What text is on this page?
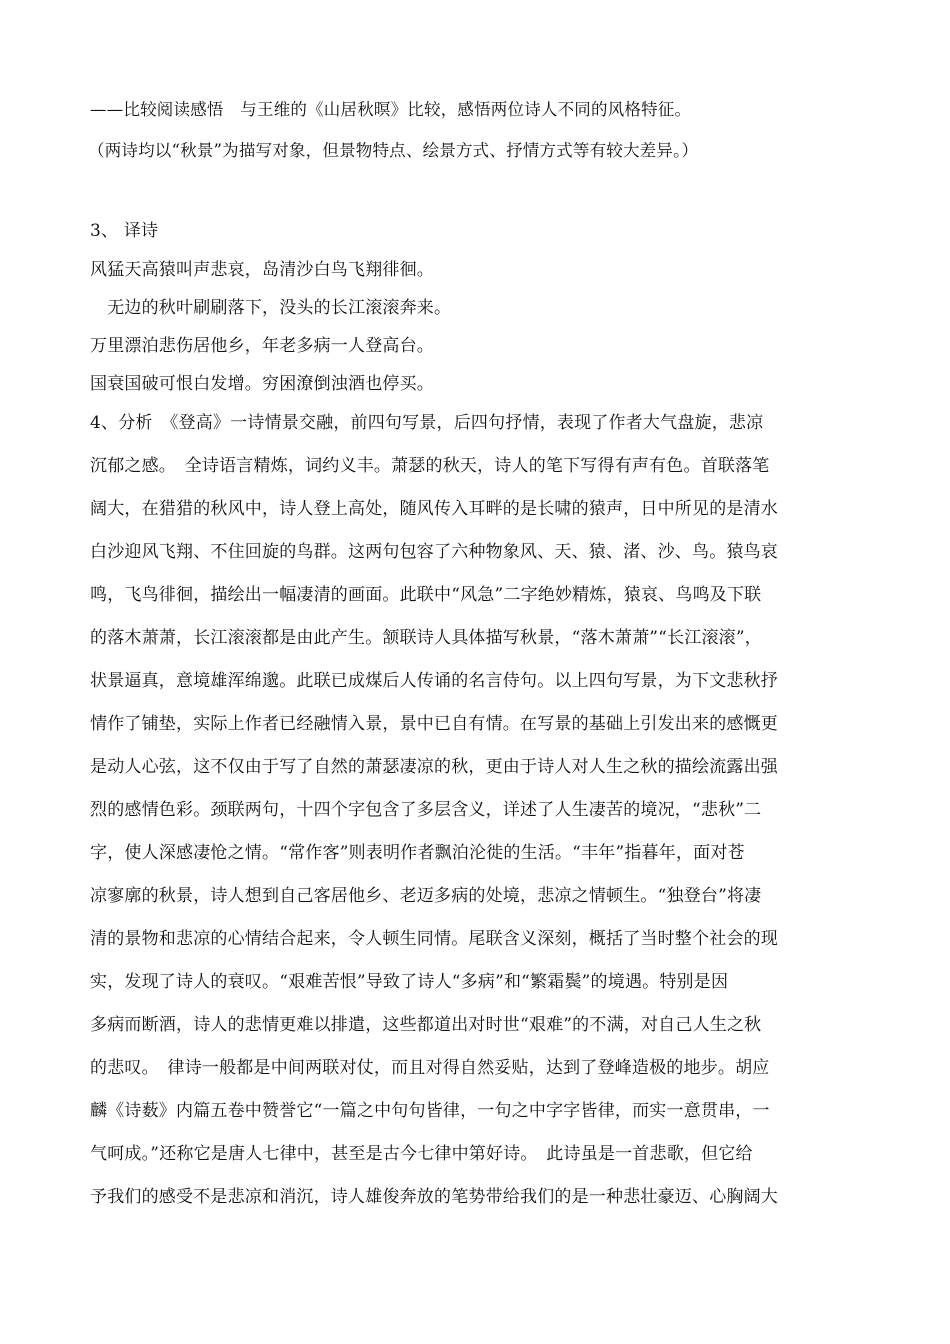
——比较阅读感悟　与王维的《山居秋暝》比较，感悟两位诗人不同的风格特征。
（两诗均以“秋景”为描写对象，但景物特点、绘景方式、抒情方式等有较大差异。）
3、 译诗
风猛天高猿叫声悲哀，岛清沙白鸟飞翔徘徊。
　无边的秋叶刷刷落下，没头的长江滚滚奔来。
万里漂泊悲伤居他乡，年老多病一人登高台。
国衰国破可恨白发增。穷困潦倒浊酒也停买。
4、分析　《登高》一诗情景交融，前四句写景，后四句抒情，表现了作者大气盘旋，悲凉
沉郁之感。　全诗语言精炼，词约义丰。萧瑟的秋天，诗人的笔下写得有声有色。首联落笔
阔大，在猎猎的秋风中，诗人登上高处，随风传入耳畔的是长啸的猿声，日中所见的是清水
白沙迎风飞翔、不住回旋的鸟群。这两句包容了六种物象风、天、猿、渚、沙、鸟。猿鸟哀
鸣，飞鸟徘徊，描绘出一幅凄清的画面。此联中“风急”二字绝妙精炼，猿哀、鸟鸣及下联
的落木萧萧，长江滚滚都是由此产生。颔联诗人具体描写秋景，“落木萧萧”“长江滚滚”，
状景逼真，意境雄浑绵邈。此联已成煤后人传诵的名言侍句。以上四句写景，为下文悲秋抒
情作了铺垫，实际上作者已经融情入景，景中已自有情。在写景的基础上引发出来的感慨更
是动人心弦，这不仅由于写了自然的萧瑟凄凉的秋，更由于诗人对人生之秋的描绘流露出强
烈的感情色彩。颈联两句，十四个字包含了多层含义，详述了人生凄苦的境况，“悲秋”二
字，使人深感凄怆之情。“常作客”则表明作者飘泊沦徙的生活。“丰年”指暮年，面对苍
凉寥廓的秋景，诗人想到自己客居他乡、老迈多病的处境，悲凉之情顿生。“独登台”将凄
清的景物和悲凉的心情结合起来，令人顿生同情。尾联含义深刻，概括了当时整个社会的现
实，发现了诗人的衰叹。“艰难苦恨”导致了诗人“多病”和“繁霜鬓”的境遇。特别是因
多病而断酒，诗人的悲情更难以排遣，这些都道出对时世“艰难”的不满，对自己人生之秋
的悲叹。　律诗一般都是中间两联对仗，而且对得自然妥贴，达到了登峰造极的地步。胡应
麟《诗薮》内篇五卷中赞誉它“一篇之中句句皆律，一句之中字字皆律，而实一意贯串，一
气呵成。”还称它是唐人七律中，甚至是古今七律中第好诗。　此诗虽是一首悲歌，但它给
予我们的感受不是悲凉和消沉，诗人雄俊奔放的笔势带给我们的是一种悲壮豪迈、心胸阔大
